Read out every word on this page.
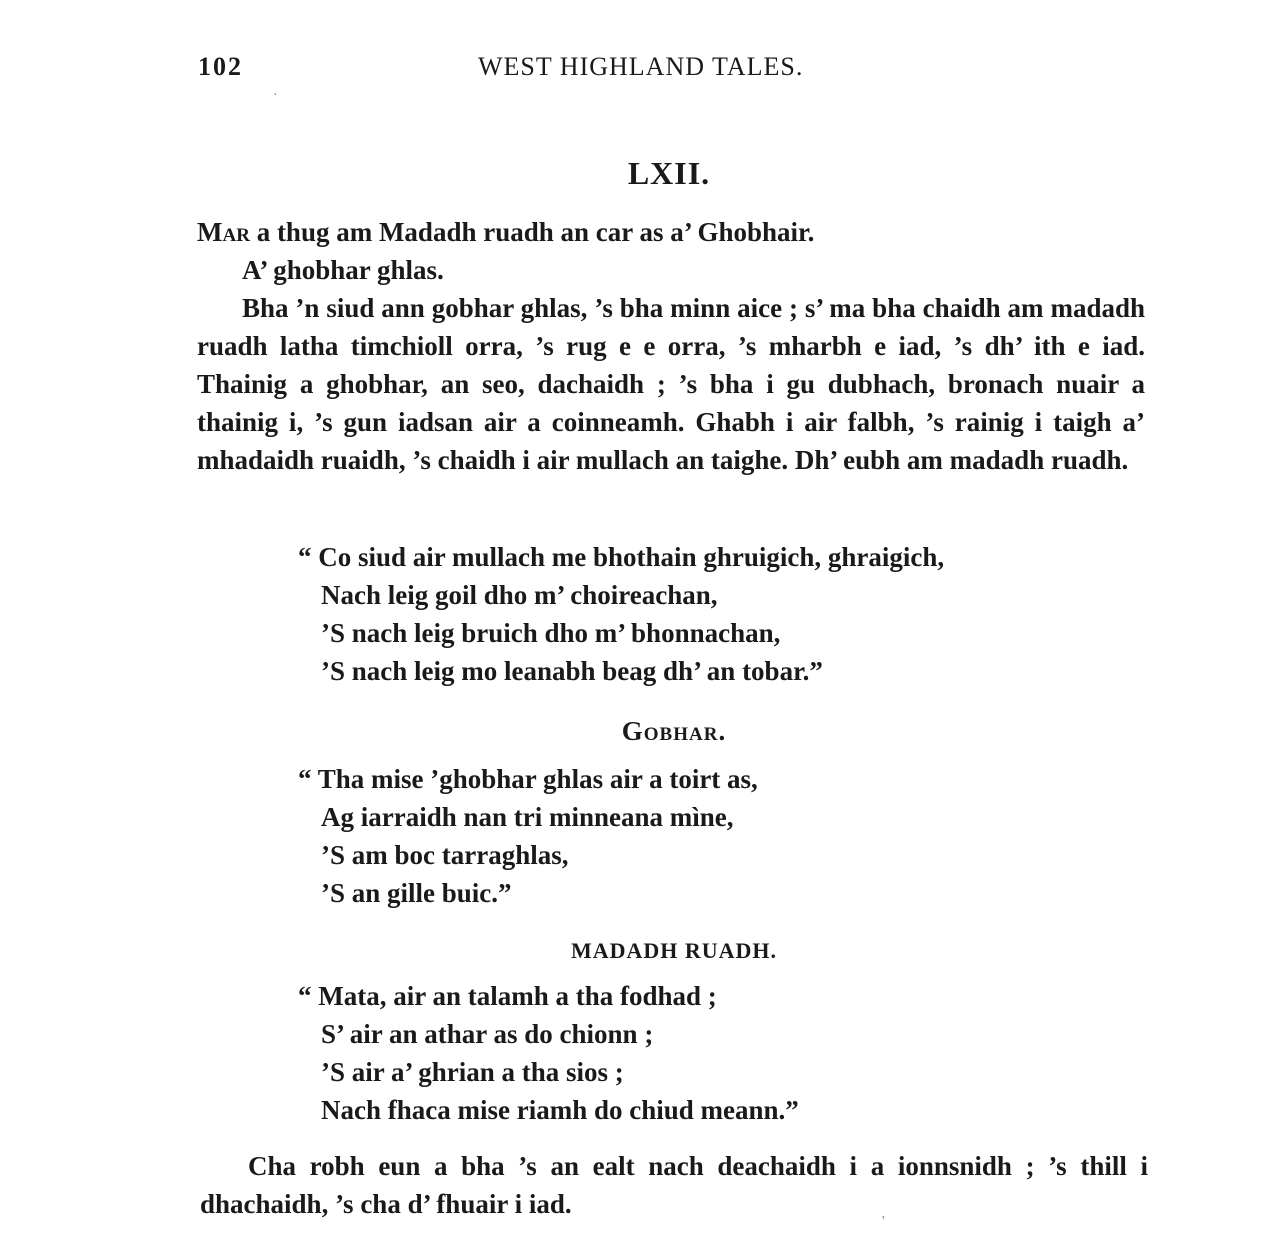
102	WEST HIGHLAND TALES.
·
LXII.
Mar a thug am Madadh ruadh an car as a’ Ghobhair.
A’ ghobhar ghlas.

Bha ’n siud ann gobhar ghlas, ’s bha minn aice ; s’ ma bha chaidh am madadh ruadh latha timchioll orra, ’s rug e e orra, ’s mharbh e iad, ’s dh’ ith e iad. Thainig a ghobhar, an seo, dachaidh ; ’s bha i gu dubhach, bronach nuair a thainig i, ’s gun iadsan air a coinneamh. Ghabh i air falbh, ’s rainig i taigh a’ mhadaidh ruaidh, ’s chaidh i air mullach an taighe. Dh’ eubh am madadh ruadh.

“ Co siud air mullach me bhothain ghruigich, ghraigich,
Nach leig goil dho m’ choireachan,
’S nach leig bruich dho m’ bhonnachan,
’S nach leig mo leanabh beag dh’ an tobar.”
Gobhar.
“ Tha mise ’ghobhar ghlas air a toirt as,
Ag iarraidh nan tri minneana mìne,
’S am boc tarraghlas,
’S an gille buic.”
MADADH RUADH.
“ Mata, air an talamh a tha fodhad ;
S’ air an athar as do chionn ;
’S air a’ ghrian a tha sios ;
Nach fhaca mise riamh do chiud meann.”

Cha robh eun a bha ’s an ealt nach deachaidh i a ionnsnidh ; ’s thill i dhachaidh, ’s cha d’ fhuair i iad.

'
